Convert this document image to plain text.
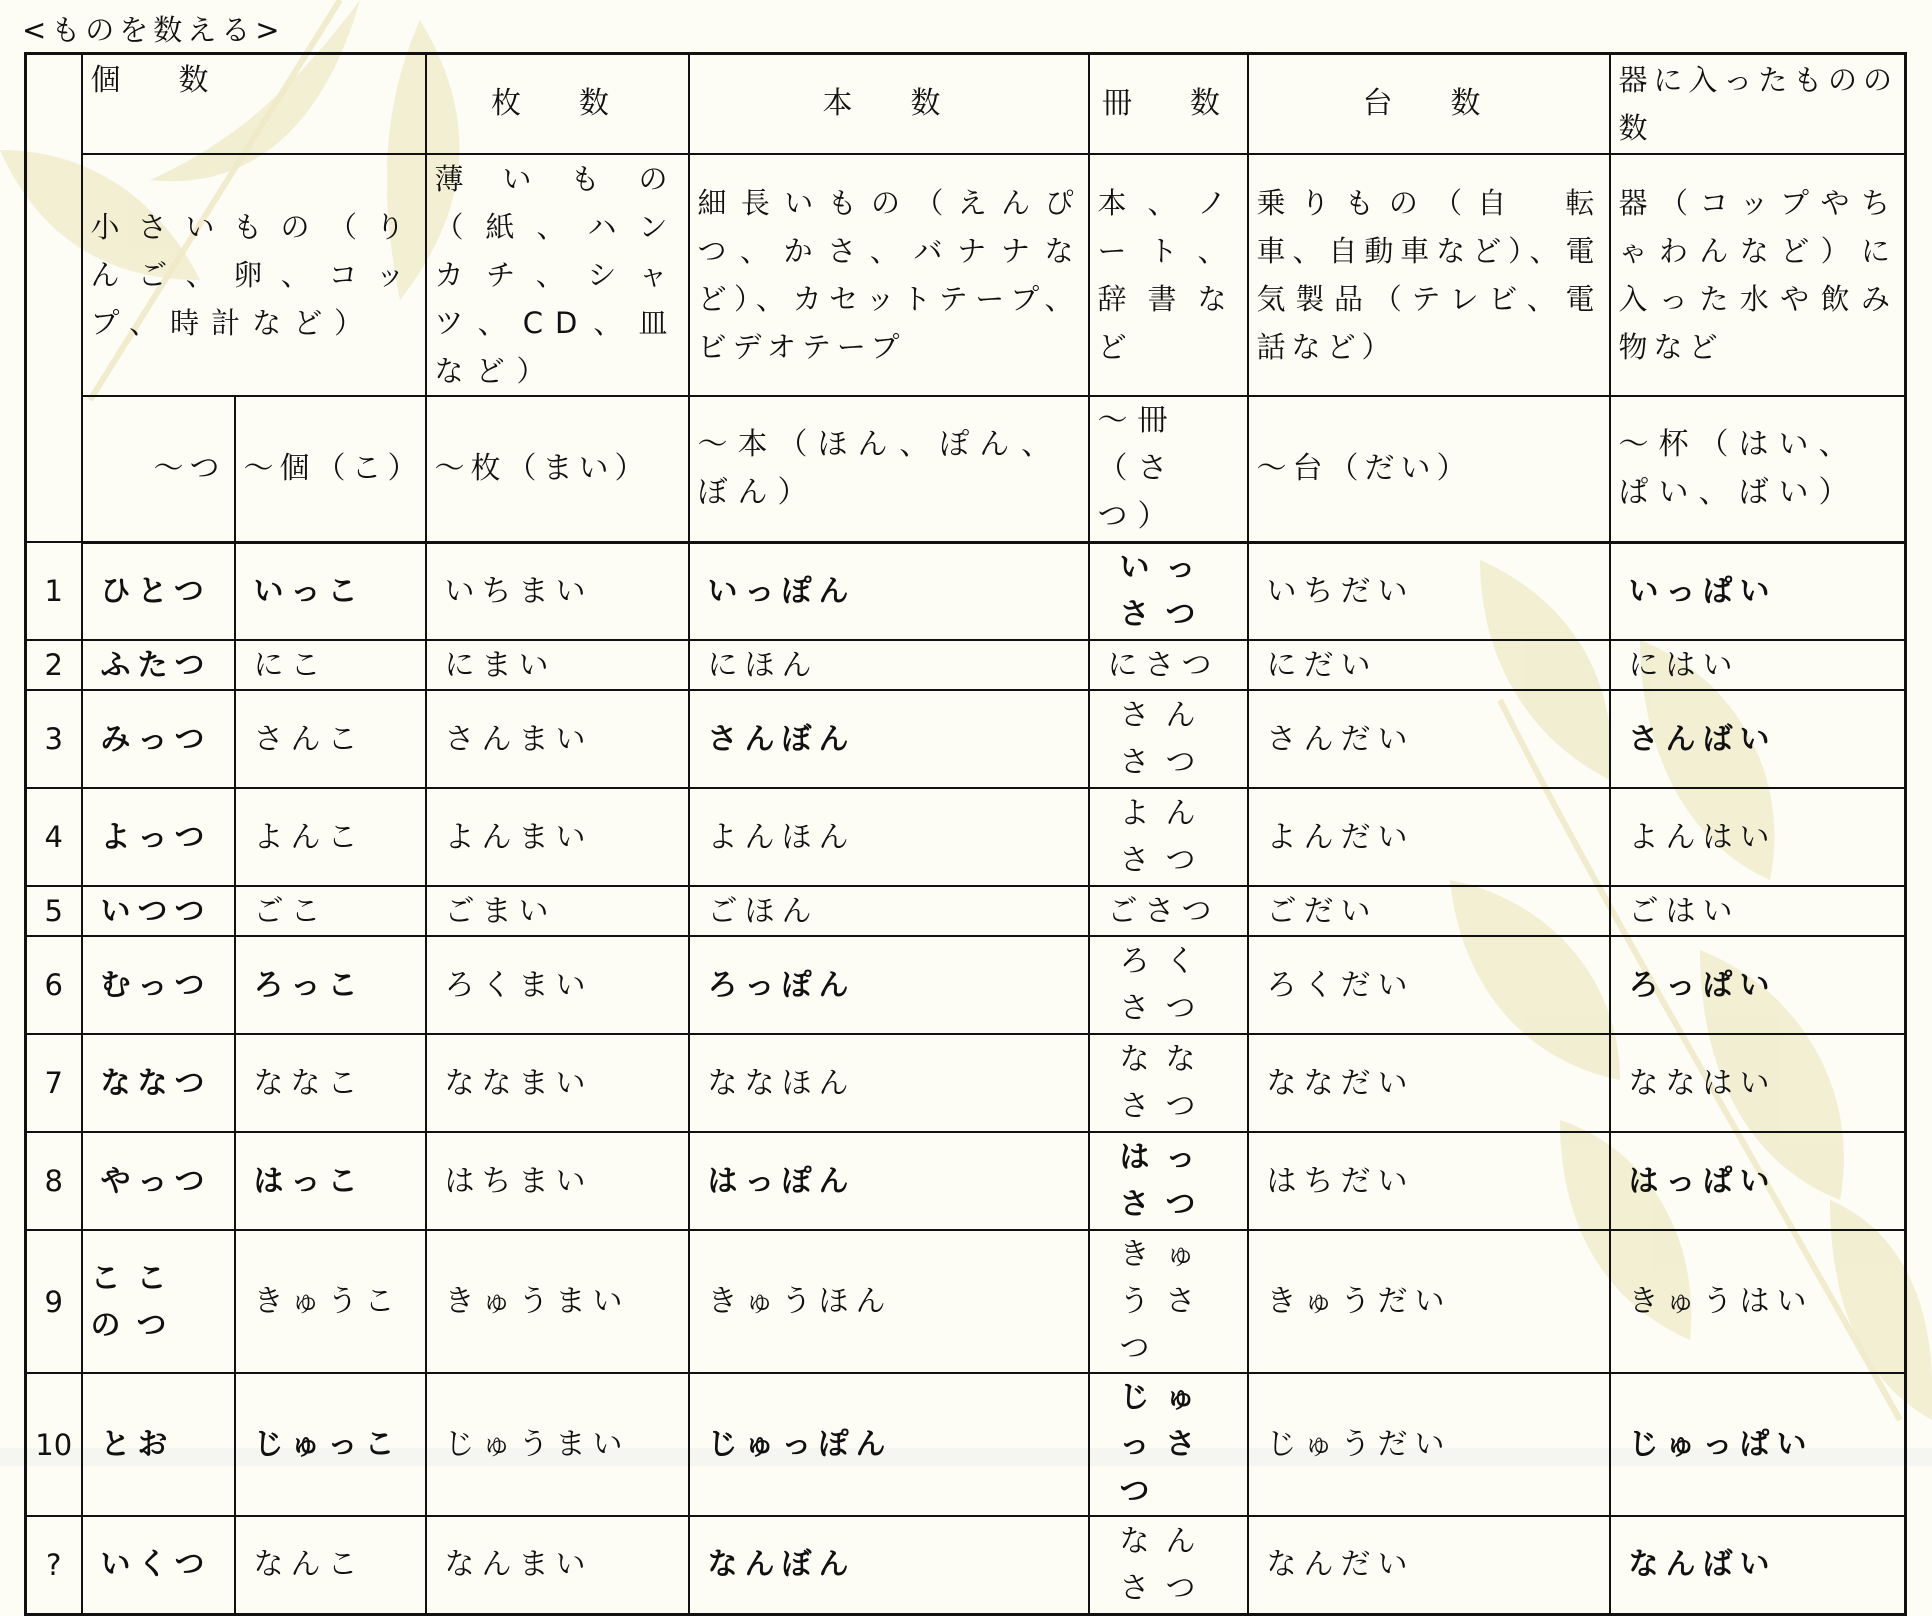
<ものを数える>
	個　数		枚　数	本　数	冊　数	台　数	器に入ったものの数
	小さいもの（りんご、卵、コップ、時計など）		薄いもの（紙、ハンカチ、シャツ、CD、皿など）	細長いもの（えんぴつ、かさ、バナナなど）、カセットテープ、ビデオテープ	本、ノート、辞書など	乗りもの（自　転車、自動車など）、電気製品（テレビ、電話など）	器（コップやちゃわんなど）に入った水や飲み物など
	～つ	～個（こ）	～枚（まい）	～本（ほん、ぽん、ぼん）	～冊（さつ）	～台（だい）	～杯（はい、ぱい、ばい）
1	ひとつ	いっこ	いちまい	いっぽん	いっさつ	いちだい	いっぱい
2	ふたつ	にこ	にまい	にほん	にさつ	にだい	にはい
3	みっつ	さんこ	さんまい	さんぼん	さんさつ	さんだい	さんばい
4	よっつ	よんこ	よんまい	よんほん	よんさつ	よんだい	よんはい
5	いつつ	ごこ	ごまい	ごほん	ごさつ	ごだい	ごはい
6	むっつ	ろっこ	ろくまい	ろっぽん	ろくさつ	ろくだい	ろっぱい
7	ななつ	ななこ	ななまい	ななほん	ななさつ	ななだい	ななはい
8	やっつ	はっこ	はちまい	はっぽん	はっさつ	はちだい	はっぱい
9	ここのつ	きゅうこ	きゅうまい	きゅうほん	きゅうさつ	きゅうだい	きゅうはい
10	とお	じゅっこ	じゅうまい	じゅっぽん	じゅっさつ	じゅうだい	じゅっぱい
?	いくつ	なんこ	なんまい	なんぼん	なんさつ	なんだい	なんばい
